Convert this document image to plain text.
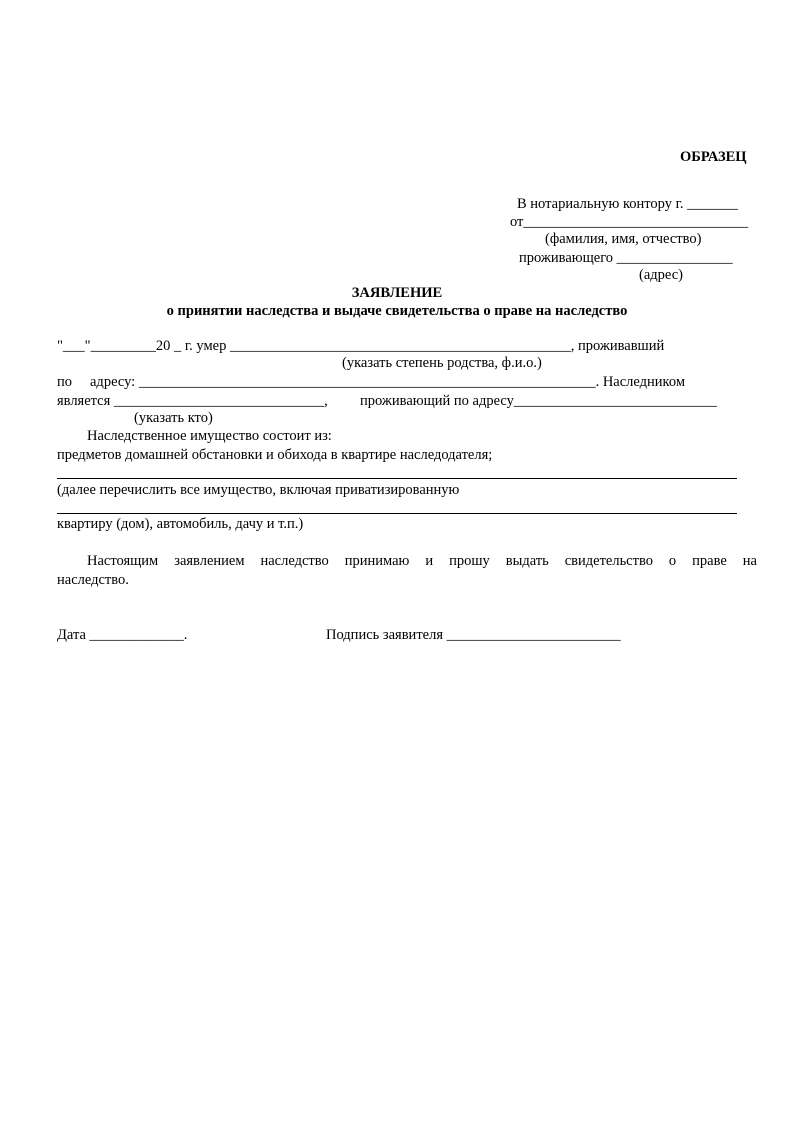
ОБРАЗЕЦ
В нотариальную контору г. _______
от_______________________________
(фамилия, имя, отчество)
проживающего ________________
(адрес)
ЗАЯВЛЕНИЕ
о принятии наследства и выдаче свидетельства о праве на наследство
"___"_________20 _ г. умер _______________________________________________, проживавший
(указать степень родства, ф.и.о.)
по адресу: _______________________________________________________________. Наследником
является _____________________________, проживающий по адресу____________________________
(указать кто)
Наследственное имущество состоит из:
предметов домашней обстановки и обихода в квартире наследодателя;
(далее перечислить все имущество, включая приватизированную
квартиру (дом), автомобиль, дачу и т.п.)
Настоящим заявлением наследство принимаю и прошу выдать свидетельство о праве на
наследство.
Дата _____________.	Подпись заявителя ________________________
